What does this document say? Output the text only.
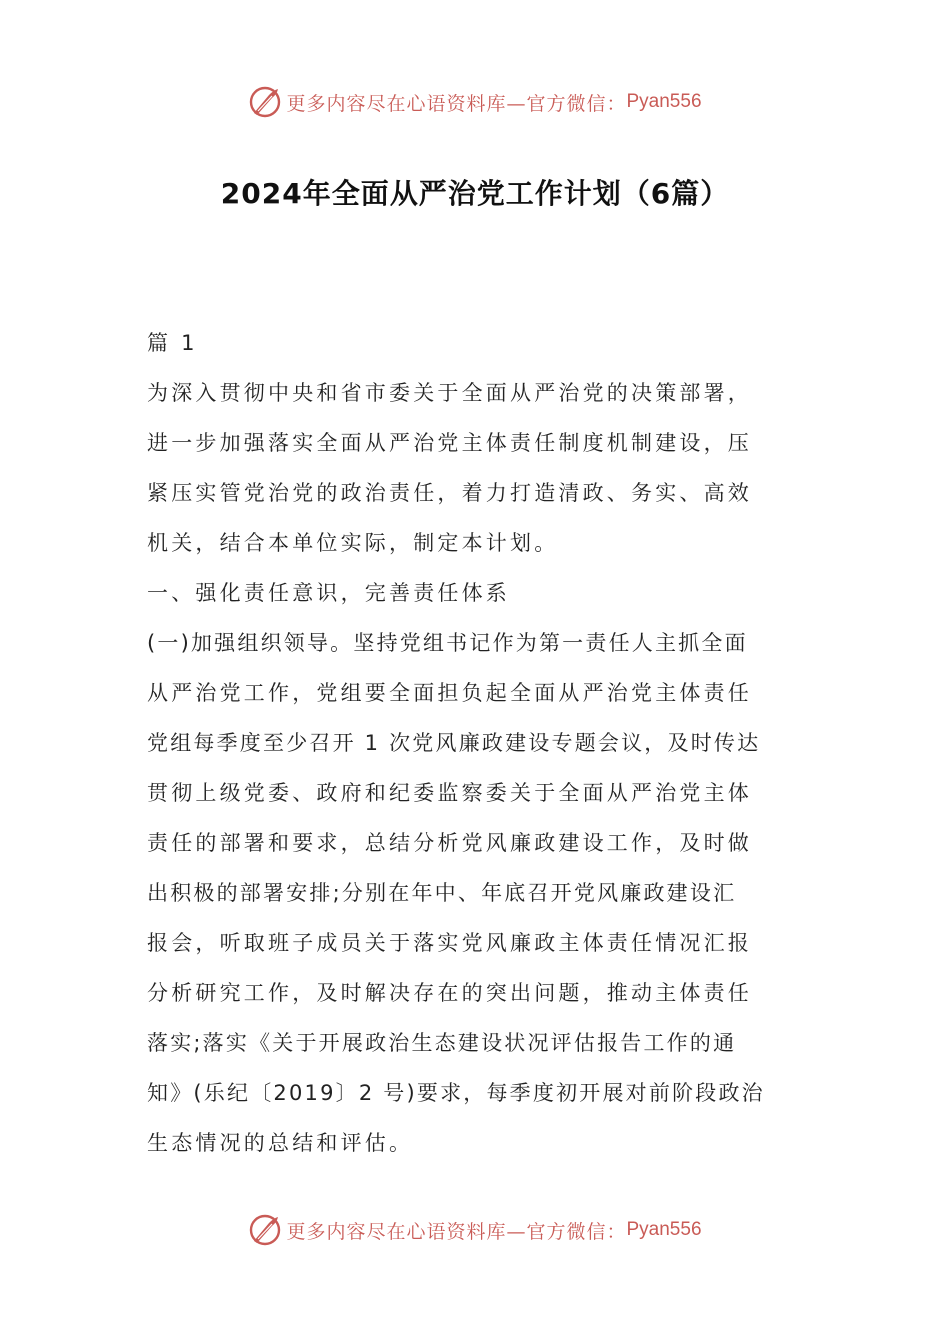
更多内容尽在心语资料库—官方微信： Pyan556
2024年全面从严治党工作计划（6篇）
篇 1
为深入贯彻中央和省市委关于全面从严治党的决策部署，
进一步加强落实全面从严治党主体责任制度机制建设，压
紧压实管党治党的政治责任，着力打造清政、务实、高效
机关，结合本单位实际，制定本计划。
一、强化责任意识，完善责任体系
(一)加强组织领导。坚持党组书记作为第一责任人主抓全面
从严治党工作，党组要全面担负起全面从严治党主体责任
党组每季度至少召开 1 次党风廉政建设专题会议，及时传达
贯彻上级党委、政府和纪委监察委关于全面从严治党主体
责任的部署和要求，总结分析党风廉政建设工作，及时做
出积极的部署安排;分别在年中、年底召开党风廉政建设汇
报会，听取班子成员关于落实党风廉政主体责任情况汇报
分析研究工作，及时解决存在的突出问题，推动主体责任
落实;落实《关于开展政治生态建设状况评估报告工作的通
知》(乐纪〔2019〕2 号)要求，每季度初开展对前阶段政治
生态情况的总结和评估。
更多内容尽在心语资料库—官方微信： Pyan556
